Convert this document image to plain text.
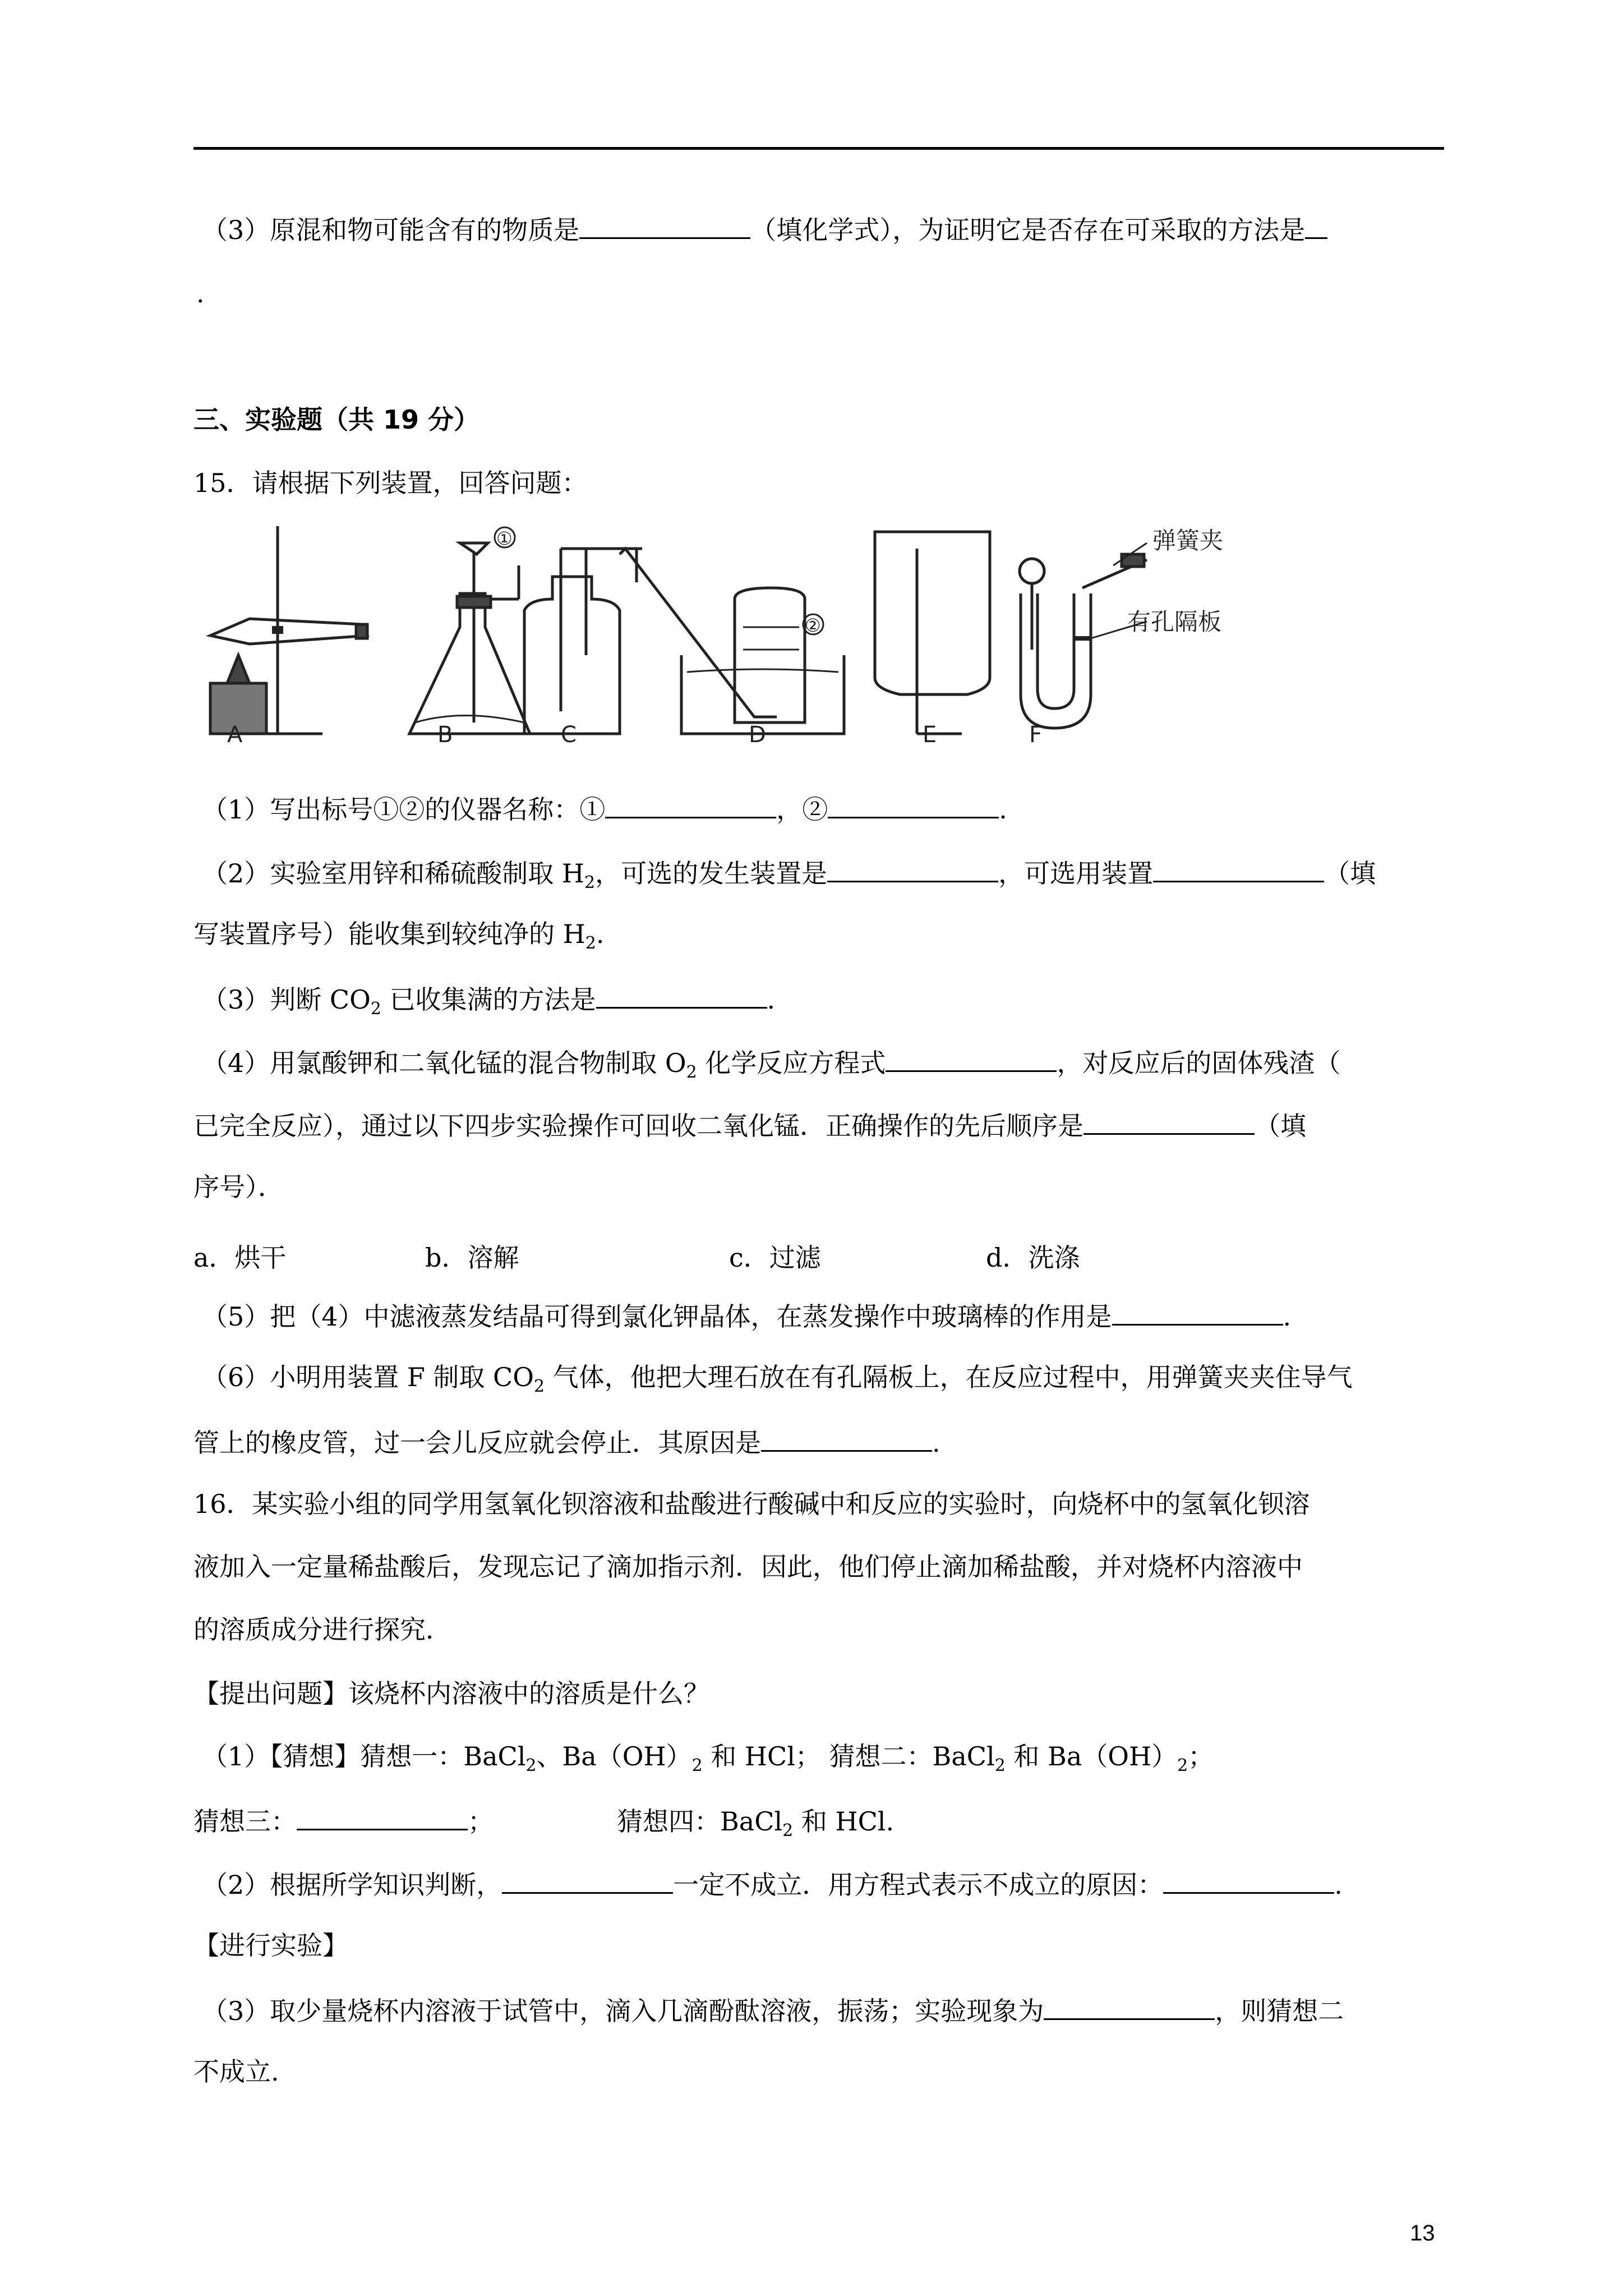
（3）原混和物可能含有的物质是	（填化学式），为证明它是否存在可采取的方法是
.
三、实验题（共 19 分）
15．请根据下列装置，回答问题：
A	B	C	D	E	F
①
②
弹簧夹
有孔隔板
（1）写出标号①②的仪器名称：①	，②	.
（2）实验室用锌和稀硫酸制取 $H_2$，可选的发生装置是	，可选用装置	（填
写装置序号）能收集到较纯净的 $H_2$.
（3）判断 $CO_2$ 已收集满的方法是	.
（4）用氯酸钾和二氧化锰的混合物制取 $O_2$ 化学反应方程式	，对反应后的固体残渣（
已完全反应），通过以下四步实验操作可回收二氧化锰．正确操作的先后顺序是	（填
序号）．
a．烘干	b．溶解	c．过滤	d．洗涤
（5）把（4）中滤液蒸发结晶可得到氯化钾晶体，在蒸发操作中玻璃棒的作用是	.
（6）小明用装置 F 制取 $CO_2$ 气体，他把大理石放在有孔隔板上，在反应过程中，用弹簧夹夹住导气
管上的橡皮管，过一会儿反应就会停止．其原因是	.
16．某实验小组的同学用氢氧化钡溶液和盐酸进行酸碱中和反应的实验时，向烧杯中的氢氧化钡溶
液加入一定量稀盐酸后，发现忘记了滴加指示剂．因此，他们停止滴加稀盐酸，并对烧杯内溶液中
的溶质成分进行探究．
【提出问题】该烧杯内溶液中的溶质是什么？
（1）【猜想】猜想一：BaCl$_2$、$Ba(OH)_2$ 和 HCl； 猜想二：BaCl$_2$ 和 $Ba(OH)_2$；
猜想三：	；	猜想四：BaCl$_2$ 和 HCl.
（2）根据所学知识判断，	一定不成立．用方程式表示不成立的原因：	.
【进行实验】
（3）取少量烧杯内溶液于试管中，滴入几滴酚酞溶液，振荡；实验现象为	，则猜想二
不成立.
13
